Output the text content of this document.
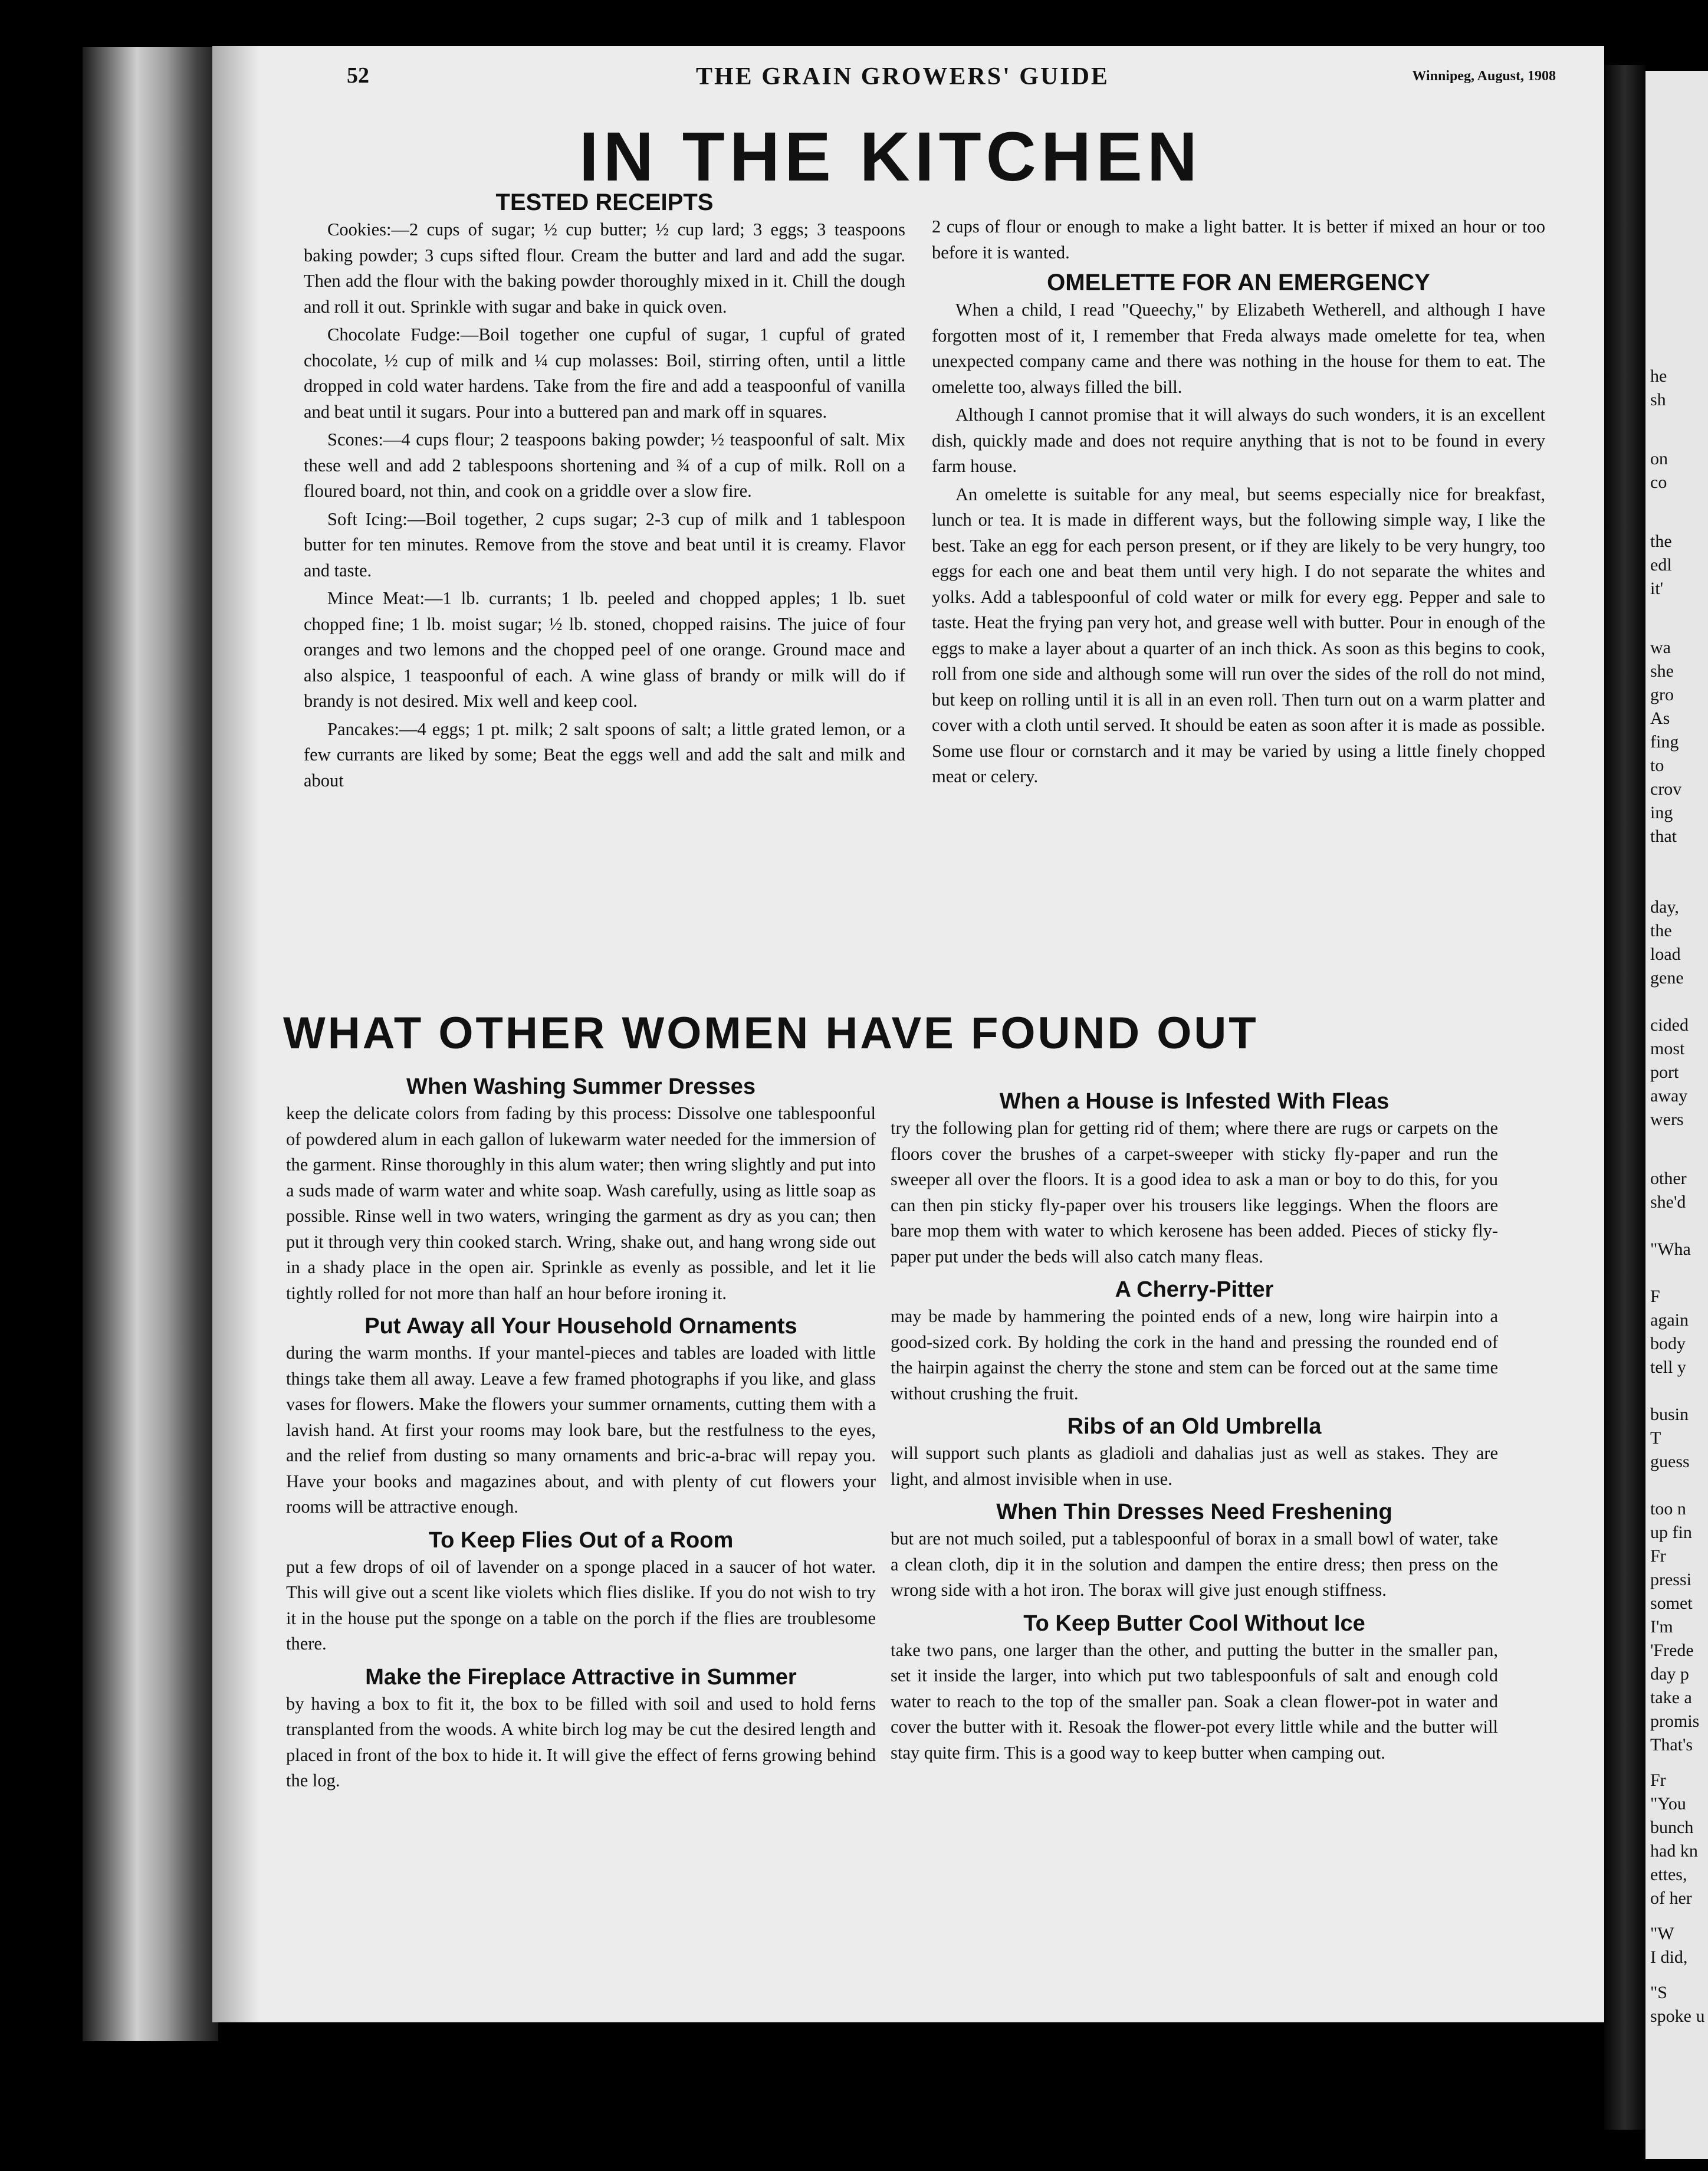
52	THE GRAIN GROWERS' GUIDE	Winnipeg, August, 1908
IN THE KITCHEN
TESTED RECEIPTS

Cookies:—2 cups of sugar; ½ cup butter; ½ cup lard; 3 eggs; 3 teaspoons baking powder; 3 cups sifted flour. Cream the butter and lard and add the sugar. Then add the flour with the baking powder thoroughly mixed in it. Chill the dough and roll it out. Sprinkle with sugar and bake in quick oven.

Chocolate Fudge:—Boil together one cupful of sugar, 1 cupful of grated chocolate, ½ cup of milk and ¼ cup molasses: Boil, stirring often, until a little dropped in cold water hardens. Take from the fire and add a teaspoonful of vanilla and beat until it sugars. Pour into a buttered pan and mark off in squares.

Scones:—4 cups flour; 2 teaspoons baking powder; ½ teaspoonful of salt. Mix these well and add 2 tablespoons shortening and ¾ of a cup of milk. Roll on a floured board, not thin, and cook on a griddle over a slow fire.

Soft Icing:—Boil together, 2 cups sugar; 2-3 cup of milk and 1 tablespoon butter for ten minutes. Remove from the stove and beat until it is creamy. Flavor and taste.

Mince Meat:—1 lb. currants; 1 lb. peeled and chopped apples; 1 lb. suet chopped fine; 1 lb. moist sugar; ½ lb. stoned, chopped raisins. The juice of four oranges and two lemons and the chopped peel of one orange. Ground mace and also alspice, 1 teaspoonful of each. A wine glass of brandy or milk will do if brandy is not desired. Mix well and keep cool.

Pancakes:—4 eggs; 1 pt. milk; 2 salt spoons of salt; a little grated lemon, or a few currants are liked by some; Beat the eggs well and add the salt and milk and about

2 cups of flour or enough to make a light batter. It is better if mixed an hour or too before it is wanted.

OMELETTE FOR AN EMERGENCY

When a child, I read "Queechy," by Elizabeth Wetherell, and although I have forgotten most of it, I remember that Freda always made omelette for tea, when unexpected company came and there was nothing in the house for them to eat. The omelette too, always filled the bill.

Although I cannot promise that it will always do such wonders, it is an excellent dish, quickly made and does not require anything that is not to be found in every farm house.

An omelette is suitable for any meal, but seems especially nice for breakfast, lunch or tea. It is made in different ways, but the following simple way, I like the best. Take an egg for each person present, or if they are likely to be very hungry, too eggs for each one and beat them until very high. I do not separate the whites and yolks. Add a tablespoonful of cold water or milk for every egg. Pepper and sale to taste. Heat the frying pan very hot, and grease well with butter. Pour in enough of the eggs to make a layer about a quarter of an inch thick. As soon as this begins to cook, roll from one side and although some will run over the sides of the roll do not mind, but keep on rolling until it is all in an even roll. Then turn out on a warm platter and cover with a cloth until served. It should be eaten as soon after it is made as possible. Some use flour or cornstarch and it may be varied by using a little finely chopped meat or celery.

WHAT OTHER WOMEN HAVE FOUND OUT
When Washing Summer Dresses

keep the delicate colors from fading by this process: Dissolve one tablespoonful of powdered alum in each gallon of lukewarm water needed for the immersion of the garment. Rinse thoroughly in this alum water; then wring slightly and put into a suds made of warm water and white soap. Wash carefully, using as little soap as possible. Rinse well in two waters, wringing the garment as dry as you can; then put it through very thin cooked starch. Wring, shake out, and hang wrong side out in a shady place in the open air. Sprinkle as evenly as possible, and let it lie tightly rolled for not more than half an hour before ironing it.

Put Away all Your Household Ornaments

during the warm months. If your mantel-pieces and tables are loaded with little things take them all away. Leave a few framed photographs if you like, and glass vases for flowers. Make the flowers your summer ornaments, cutting them with a lavish hand. At first your rooms may look bare, but the restfulness to the eyes, and the relief from dusting so many ornaments and bric-a-brac will repay you. Have your books and magazines about, and with plenty of cut flowers your rooms will be attractive enough.

To Keep Flies Out of a Room

put a few drops of oil of lavender on a sponge placed in a saucer of hot water. This will give out a scent like violets which flies dislike. If you do not wish to try it in the house put the sponge on a table on the porch if the flies are troublesome there.

Make the Fireplace Attractive in Summer

by having a box to fit it, the box to be filled with soil and used to hold ferns transplanted from the woods. A white birch log may be cut the desired length and placed in front of the box to hide it. It will give the effect of ferns growing behind the log.

When a House is Infested With Fleas

try the following plan for getting rid of them; where there are rugs or carpets on the floors cover the brushes of a carpet-sweeper with sticky fly-paper and run the sweeper all over the floors. It is a good idea to ask a man or boy to do this, for you can then pin sticky fly-paper over his trousers like leggings. When the floors are bare mop them with water to which kerosene has been added. Pieces of sticky fly-paper put under the beds will also catch many fleas.

A Cherry-Pitter

may be made by hammering the pointed ends of a new, long wire hairpin into a good-sized cork. By holding the cork in the hand and pressing the rounded end of the hairpin against the cherry the stone and stem can be forced out at the same time without crushing the fruit.

Ribs of an Old Umbrella

will support such plants as gladioli and dahalias just as well as stakes. They are light, and almost invisible when in use.

When Thin Dresses Need Freshening

but are not much soiled, put a tablespoonful of borax in a small bowl of water, take a clean cloth, dip it in the solution and dampen the entire dress; then press on the wrong side with a hot iron. The borax will give just enough stiffness.

To Keep Butter Cool Without Ice

take two pans, one larger than the other, and putting the butter in the smaller pan, set it inside the larger, into which put two tablespoonfuls of salt and enough cold water to reach to the top of the smaller pan. Soak a clean flower-pot in water and cover the butter with it. Resoak the flower-pot every little while and the butter will stay quite firm. This is a good way to keep butter when camping out.

he
sh
on
co
the
edl
it'
wa
she
gro
As
fing
to
crov
ing
that
day,
the
load
gene
cided
most
port
away
wers
other
she'd
"Wha
F
again
body
tell y
busin
T
guess
too n
up fin
Fr
pressi
somet
I'm
'Frede
day p
take a
promis
That's
Fr
"You
bunch
had kn
ettes,
of her
"W
I did,
"S
spoke u
